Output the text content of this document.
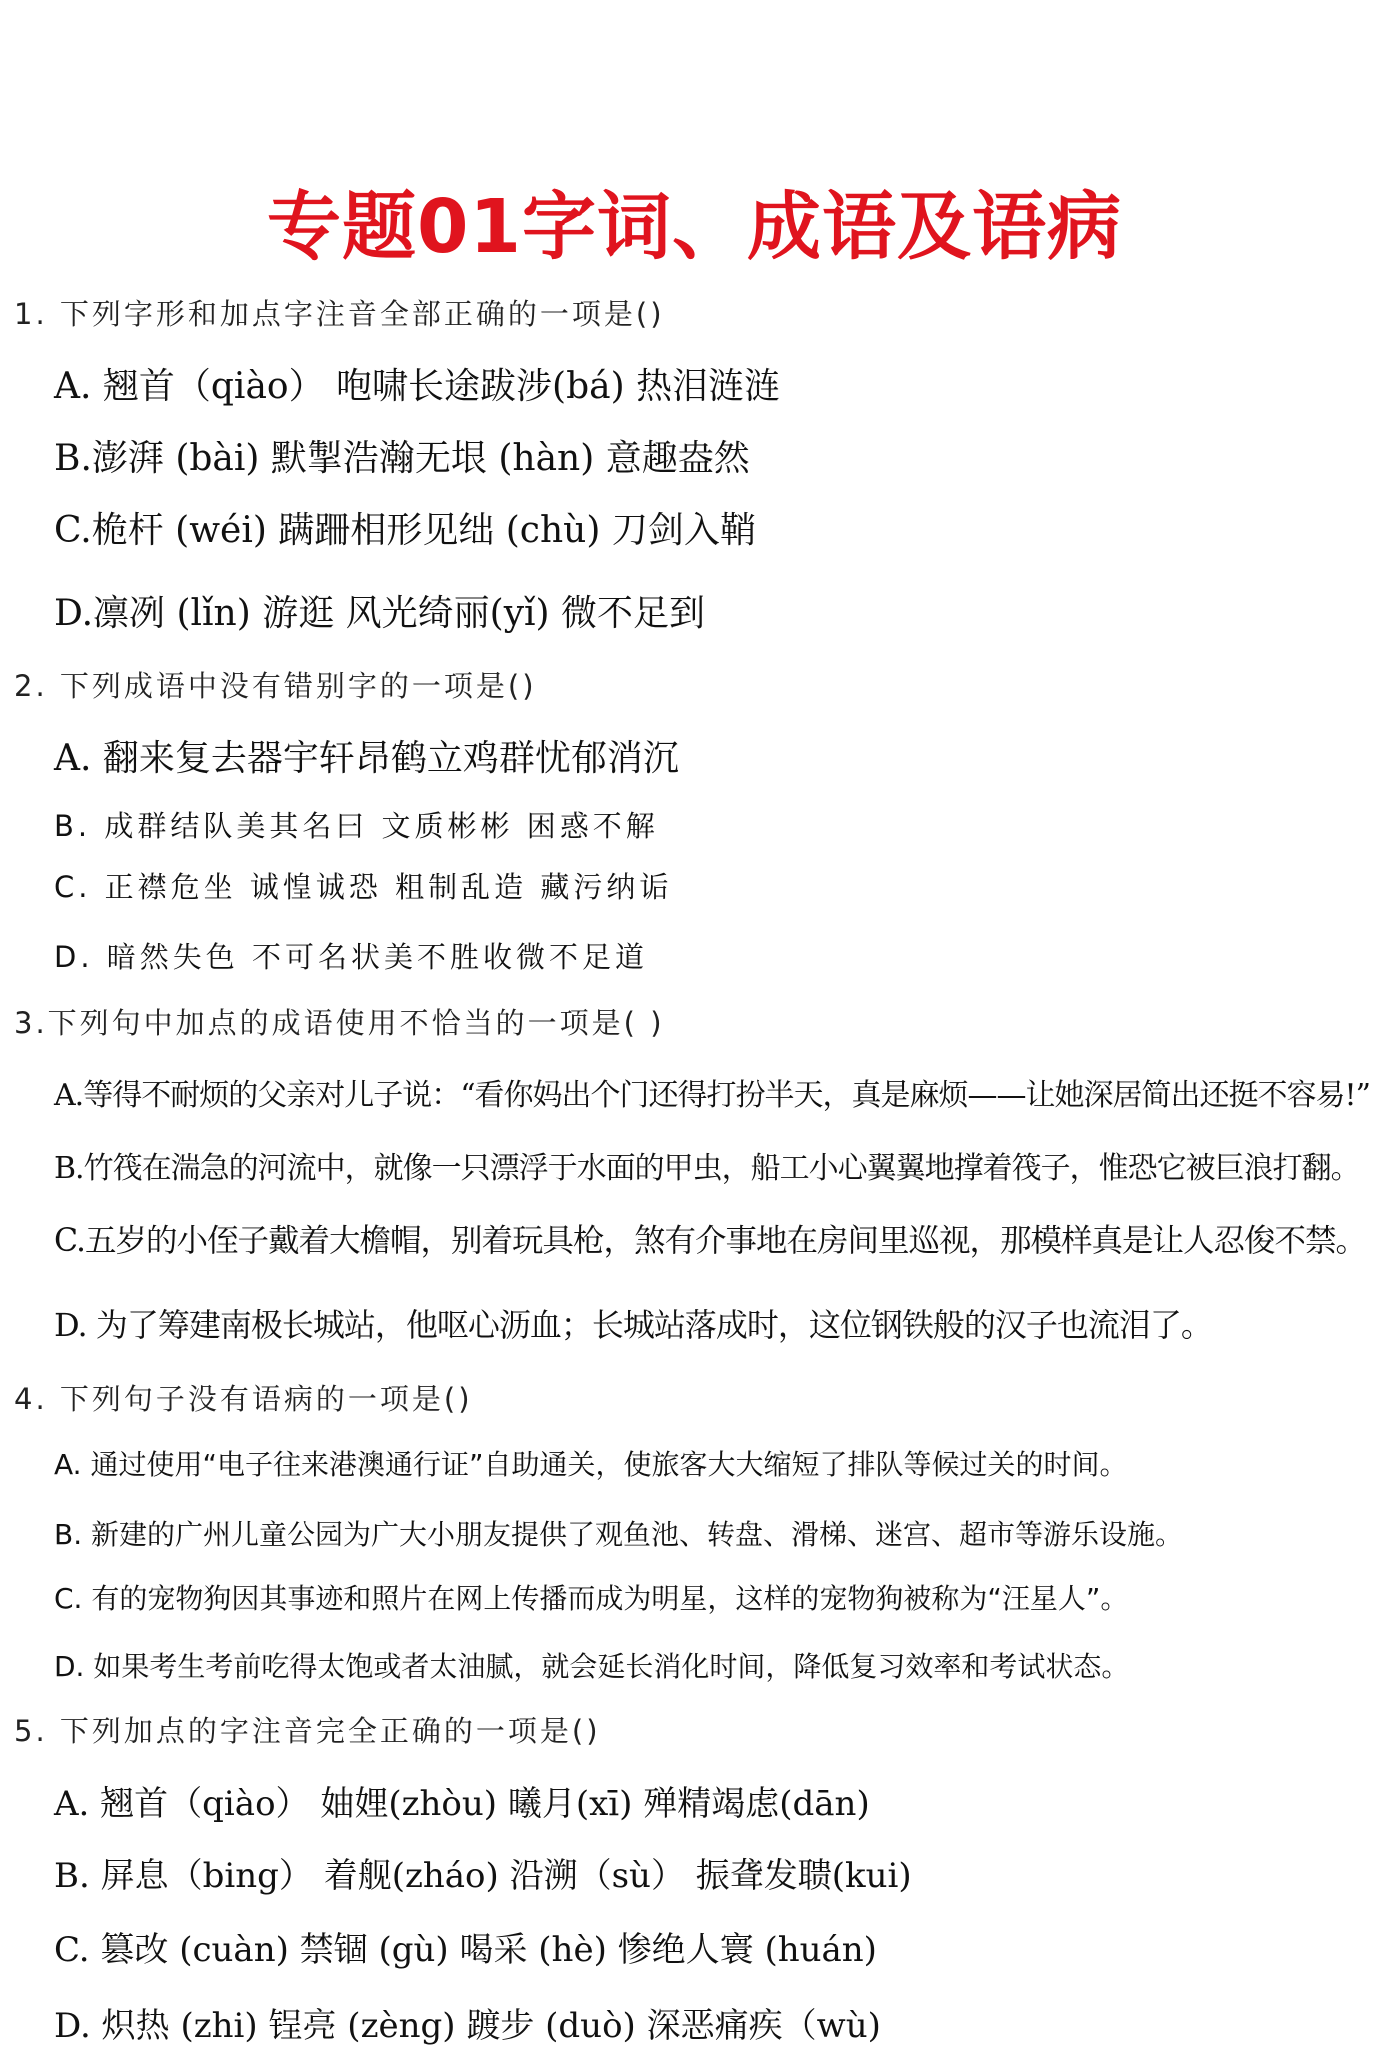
专题01字词、成语及语病
1. 下列字形和加点字注音全部正确的一项是()
A. 翘首（qiào） 咆啸长途跋涉(bá) 热泪涟涟
B.澎湃 (bài) 默掣浩瀚无垠 (hàn) 意趣盎然
C.桅杆 (wéi) 蹒跚相形见绌 (chù) 刀剑入鞘
D.凛冽 (lǐn) 游逛 风光绮丽(yǐ) 微不足到
2. 下列成语中没有错别字的一项是()
A. 翻来复去器宇轩昂鹤立鸡群忧郁消沉
B. 成群结队美其名曰 文质彬彬 困惑不解
C. 正襟危坐 诚惶诚恐 粗制乱造 藏污纳诟
D. 暗然失色 不可名状美不胜收微不足道
3.下列句中加点的成语使用不恰当的一项是( )
A.等得不耐烦的父亲对儿子说：“看你妈出个门还得打扮半天，真是麻烦——让她深居简出还挺不容易!”
B.竹筏在湍急的河流中，就像一只漂浮于水面的甲虫，船工小心翼翼地撑着筏子，惟恐它被巨浪打翻。
C.五岁的小侄子戴着大檐帽，别着玩具枪，煞有介事地在房间里巡视，那模样真是让人忍俊不禁。
D. 为了筹建南极长城站，他呕心沥血；长城站落成时，这位钢铁般的汉子也流泪了。
4. 下列句子没有语病的一项是()
A. 通过使用“电子往来港澳通行证”自助通关，使旅客大大缩短了排队等候过关的时间。
B. 新建的广州儿童公园为广大小朋友提供了观鱼池、转盘、滑梯、迷宫、超市等游乐设施。
C. 有的宠物狗因其事迹和照片在网上传播而成为明星，这样的宠物狗被称为“汪星人”。
D. 如果考生考前吃得太饱或者太油腻，就会延长消化时间，降低复习效率和考试状态。
5. 下列加点的字注音完全正确的一项是()
A. 翘首（qiào） 妯娌(zhòu) 曦月(xī) 殚精竭虑(dān)
B. 屏息（bing） 着舰(zháo) 沿溯（sù） 振聋发聩(kui)
C. 篡改 (cuàn) 禁锢 (gù) 喝采 (hè) 惨绝人寰 (huán)
D. 炽热 (zhi) 锃亮 (zèng) 踱步 (duò) 深恶痛疾（wù)
